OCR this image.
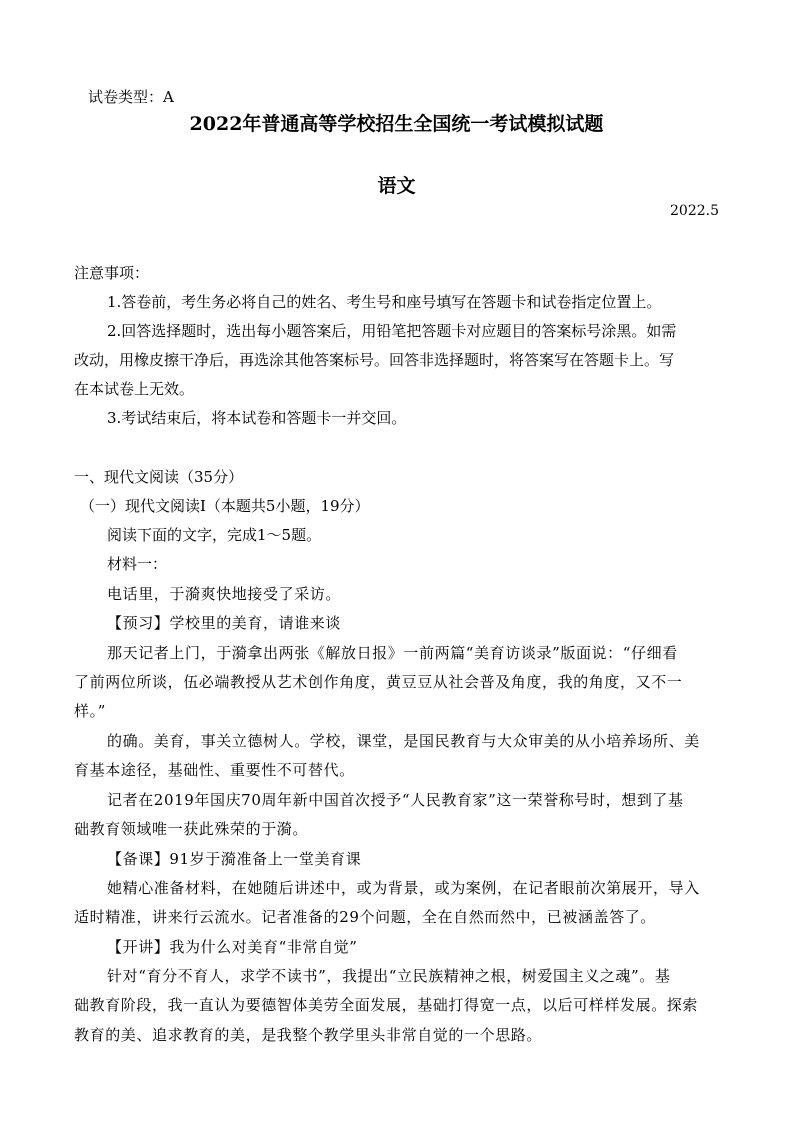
试卷类型：A
2022年普通高等学校招生全国统一考试模拟试题
语文
2022.5
注意事项：
1.答卷前，考生务必将自己的姓名、考生号和座号填写在答题卡和试卷指定位置上。
2.回答选择题时，选出每小题答案后，用铅笔把答题卡对应题目的答案标号涂黑。如需
改动，用橡皮擦干净后，再选涂其他答案标号。回答非选择题时，将答案写在答题卡上。写
在本试卷上无效。
3.考试结束后，将本试卷和答题卡一并交回。
一、现代文阅读（35分）
（一）现代文阅读Ⅰ（本题共5小题，19分）
阅读下面的文字，完成1～5题。
材料一：
电话里，于漪爽快地接受了采访。
【预习】学校里的美育，请谁来谈
那天记者上门，于漪拿出两张《解放日报》一前两篇“美育访谈录”版面说：“仔细看
了前两位所谈，伍必端教授从艺术创作角度，黄豆豆从社会普及角度，我的角度，又不一
样。”
的确。美育，事关立德树人。学校，课堂，是国民教育与大众审美的从小培养场所、美
育基本途径，基础性、重要性不可替代。
记者在2019年国庆70周年新中国首次授予“人民教育家”这一荣誉称号时，想到了基
础教育领域唯一获此殊荣的于漪。
【备课】91岁于漪准备上一堂美育课
她精心准备材料，在她随后讲述中，或为背景，或为案例，在记者眼前次第展开，导入
适时精准，讲来行云流水。记者准备的29个问题，全在自然而然中，已被涵盖答了。
【开讲】我为什么对美育“非常自觉”
针对“育分不育人，求学不读书”，我提出“立民族精神之根，树爱国主义之魂”。基
础教育阶段，我一直认为要德智体美劳全面发展，基础打得宽一点，以后可样样发展。探索
教育的美、追求教育的美，是我整个教学里头非常自觉的一个思路。
